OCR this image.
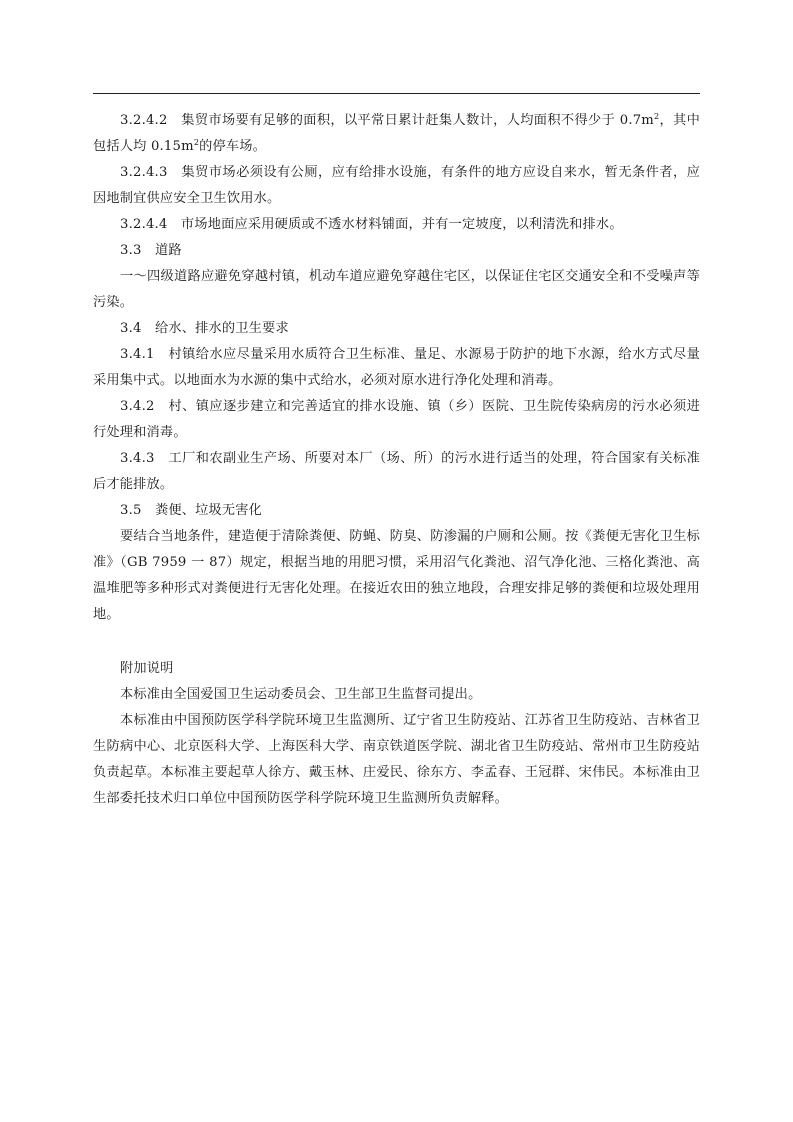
3.2.4.2　集贸市场要有足够的面积，以平常日累计赶集人数计，人均面积不得少于 $0.7m^2$，其中包括人均 $0.15m^2$的停车场。

3.2.4.3　集贸市场必须设有公厕，应有给排水设施，有条件的地方应设自来水，暂无条件者，应因地制宜供应安全卫生饮用水。

3.2.4.4　市场地面应采用硬质或不透水材料铺面，并有一定坡度，以利清洗和排水。

3.3　道路

一～四级道路应避免穿越村镇，机动车道应避免穿越住宅区，以保证住宅区交通安全和不受噪声等污染。

3.4　给水、排水的卫生要求

3.4.1　村镇给水应尽量采用水质符合卫生标准、量足、水源易于防护的地下水源，给水方式尽量采用集中式。以地面水为水源的集中式给水，必须对原水进行净化处理和消毒。

3.4.2　村、镇应逐步建立和完善适宜的排水设施、镇（乡）医院、卫生院传染病房的污水必须进行处理和消毒。

3.4.3　工厂和农副业生产场、所要对本厂（场、所）的污水进行适当的处理，符合国家有关标准后才能排放。

3.5　粪便、垃圾无害化

要结合当地条件，建造便于清除粪便、防蝇、防臭、防渗漏的户厕和公厕。按《粪便无害化卫生标准》（GB 7959 一 87）规定，根据当地的用肥习惯，采用沼气化粪池、沼气净化池、三格化粪池、高温堆肥等多种形式对粪便进行无害化处理。在接近农田的独立地段，合理安排足够的粪便和垃圾处理用地。

附加说明

本标准由全国爱国卫生运动委员会、卫生部卫生监督司提出。

本标准由中国预防医学科学院环境卫生监测所、辽宁省卫生防疫站、江苏省卫生防疫站、吉林省卫生防病中心、北京医科大学、上海医科大学、南京铁道医学院、湖北省卫生防疫站、常州市卫生防疫站负责起草。本标准主要起草人徐方、戴玉林、庄爱民、徐东方、李孟春、王冠群、宋伟民。本标准由卫生部委托技术归口单位中国预防医学科学院环境卫生监测所负责解释。
